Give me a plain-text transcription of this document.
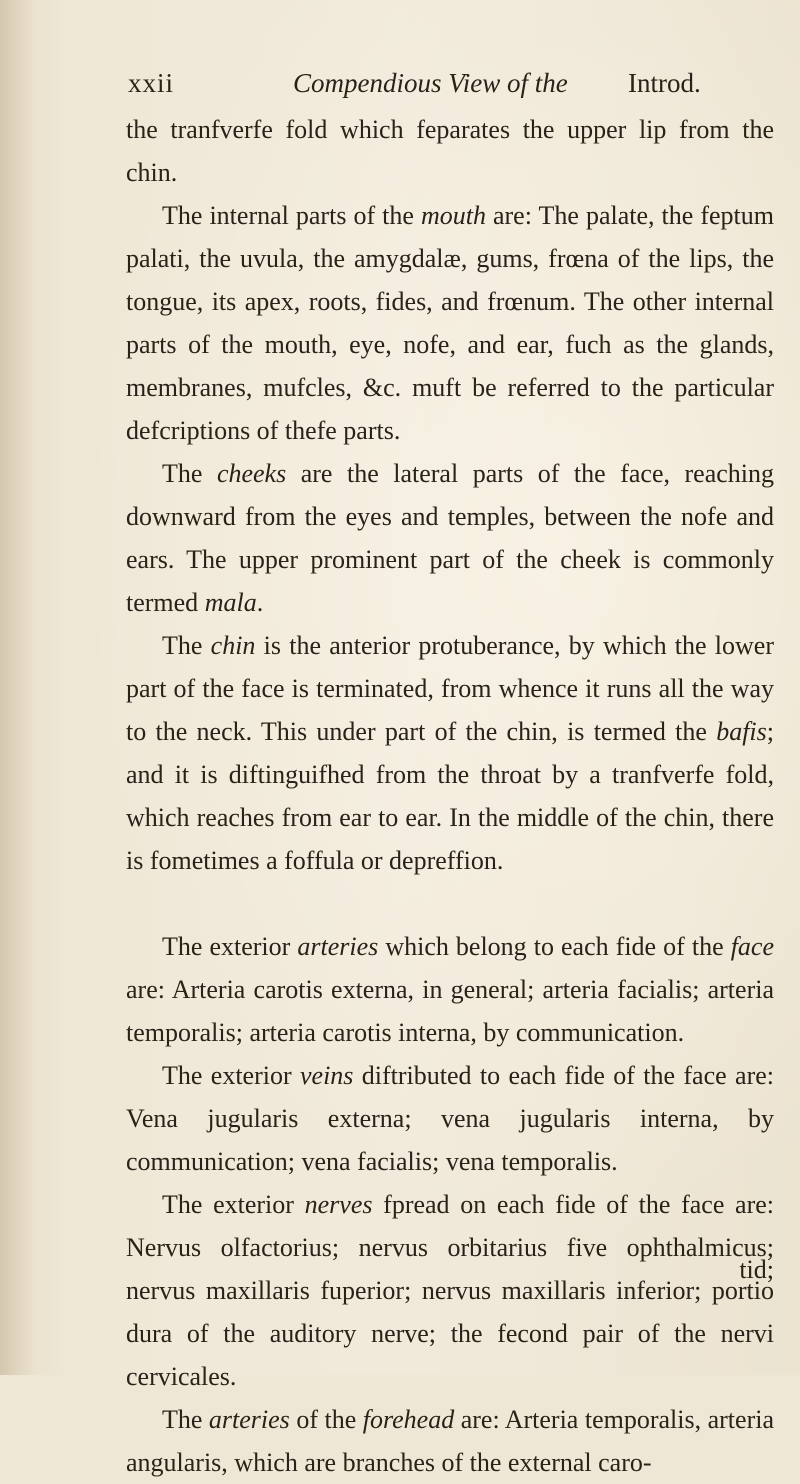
xxii	Compendious View of the Introd.

the tranfverfe fold which feparates the upper lip from the chin.

The internal parts of the mouth are: The palate, the feptum palati, the uvula, the amygdalæ, gums, frœna of the lips, the tongue, its apex, roots, fides, and frœnum. The other internal parts of the mouth, eye, nofe, and ear, fuch as the glands, membranes, mufcles, &c. muft be referred to the particular defcriptions of thefe parts.

The cheeks are the lateral parts of the face, reaching downward from the eyes and temples, between the nofe and ears. The upper prominent part of the cheek is commonly termed mala.

The chin is the anterior protuberance, by which the lower part of the face is terminated, from whence it runs all the way to the neck. This under part of the chin, is termed the bafis; and it is diftinguifhed from the throat by a tranfverfe fold, which reaches from ear to ear. In the middle of the chin, there is fometimes a foffula or depreffion.

The exterior arteries which belong to each fide of the face are: Arteria carotis externa, in general; arteria facialis; arteria temporalis; arteria carotis interna, by communication.

The exterior veins diftributed to each fide of the face are: Vena jugularis externa; vena jugularis interna, by communication; vena facialis; vena temporalis.

The exterior nerves fpread on each fide of the face are: Nervus olfactorius; nervus orbitarius five ophthalmicus; nervus maxillaris fuperior; nervus maxillaris inferior; portio dura of the auditory nerve; the fecond pair of the nervi cervicales.

The arteries of the forehead are: Arteria temporalis, arteria angularis, which are branches of the external caro-

tid;
